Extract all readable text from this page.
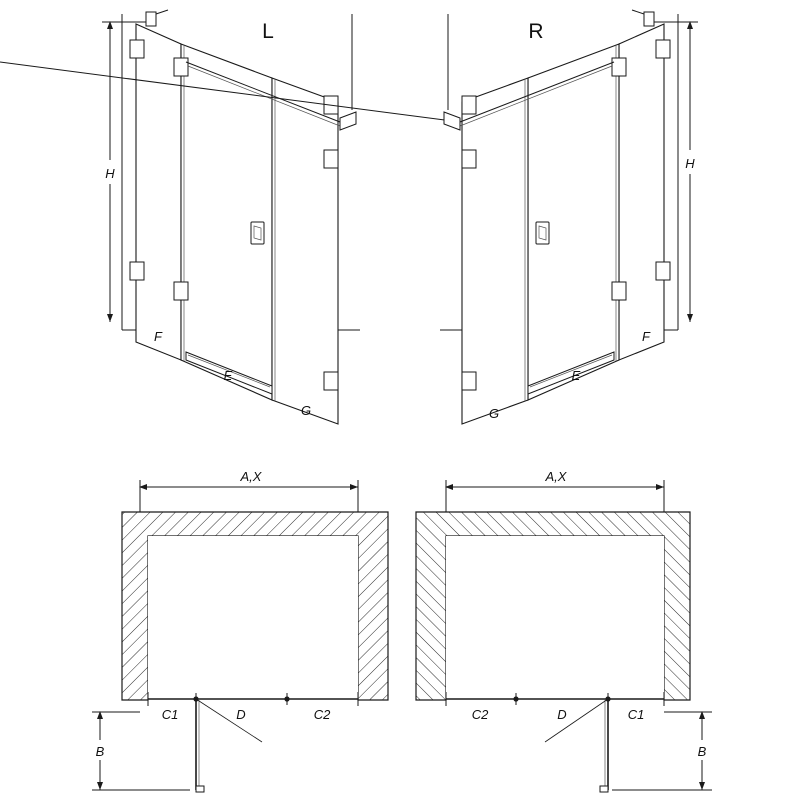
H
F
E
G
L
H
F
E
G
R
A,X
C1	D	C2
B
A,X
C2	D	C1
B
